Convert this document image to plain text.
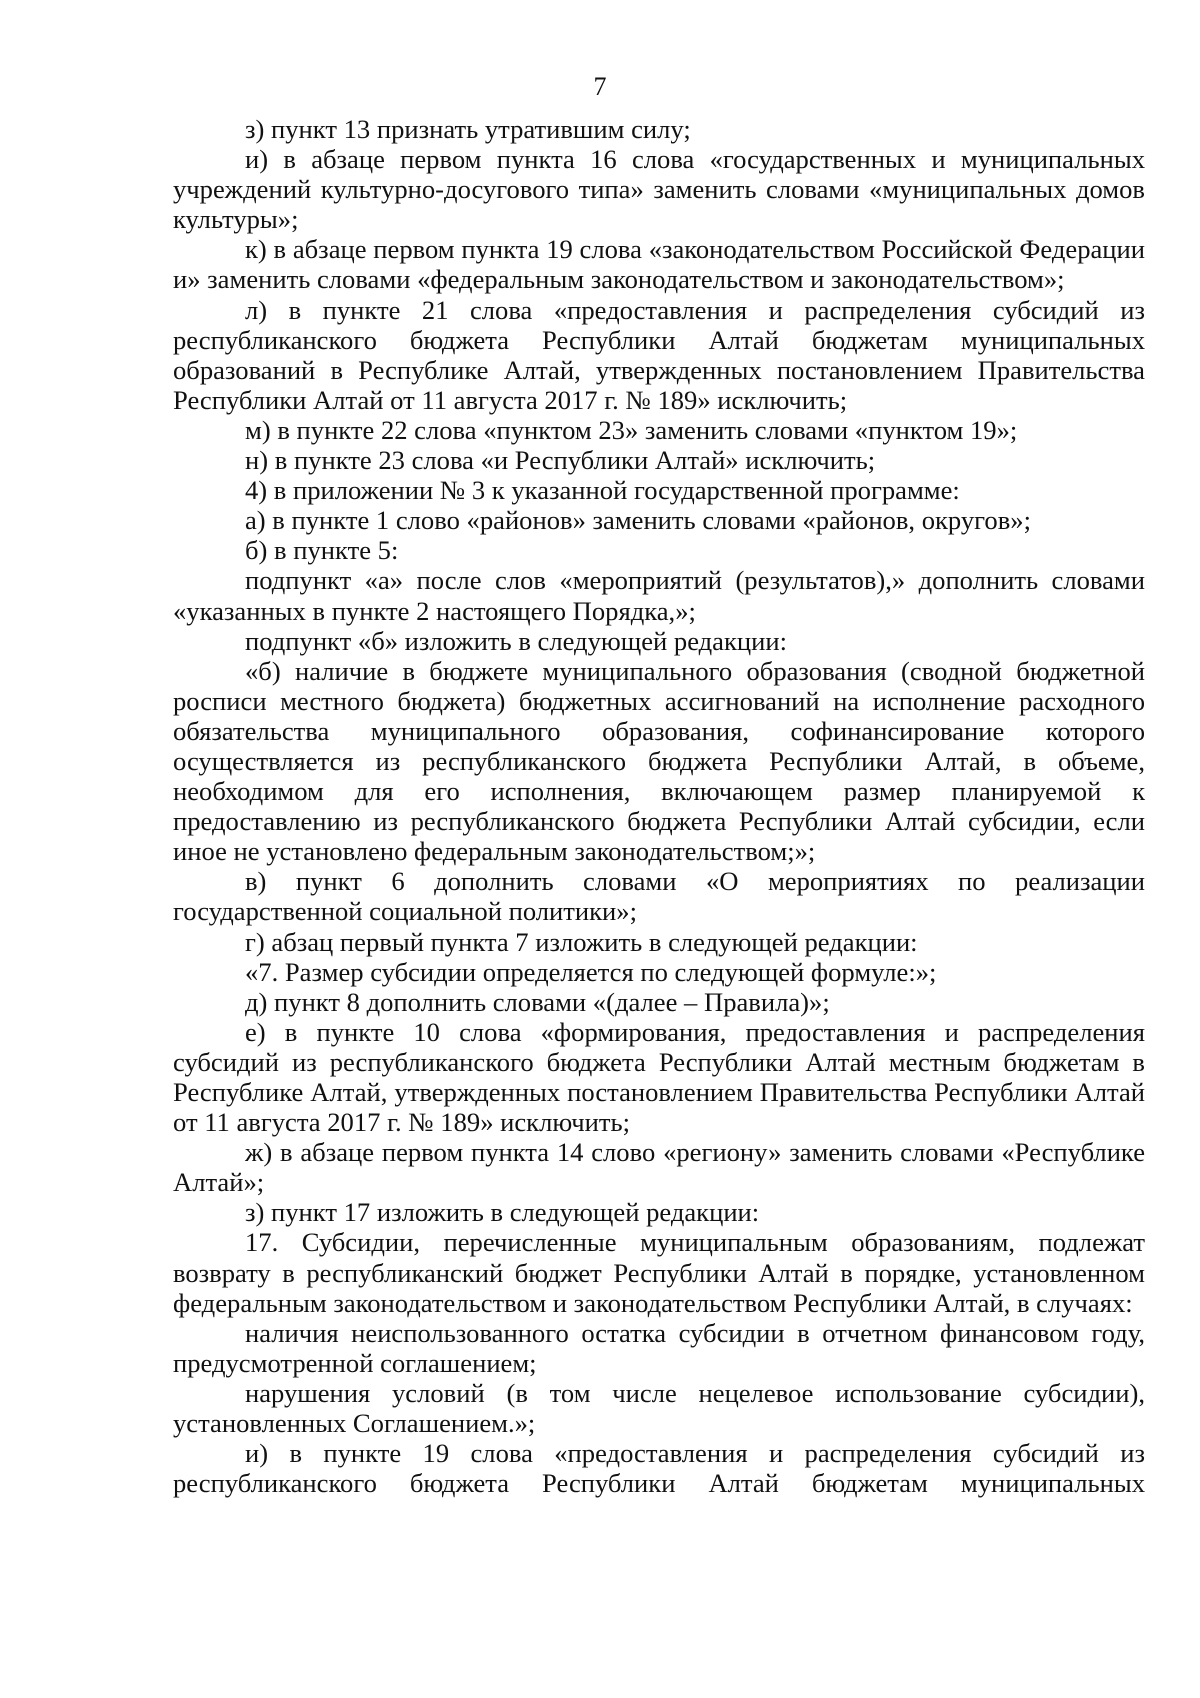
7

з) пункт 13 признать утратившим силу;

и) в абзаце первом пункта 16 слова «государственных и муниципальных учреждений культурно-досугового типа» заменить словами «муниципальных домов культуры»;

к) в абзаце первом пункта 19 слова «законодательством Российской Федерации и» заменить словами «федеральным законодательством и законодательством»;

л) в пункте 21 слова «предоставления и распределения субсидий из республиканского бюджета Республики Алтай бюджетам муниципальных образований в Республике Алтай, утвержденных постановлением Правительства Республики Алтай от 11 августа 2017 г. № 189» исключить;

м) в пункте 22 слова «пунктом 23» заменить словами «пунктом 19»;

н) в пункте 23 слова «и Республики Алтай» исключить;

4) в приложении № 3 к указанной государственной программе:

а) в пункте 1 слово «районов» заменить словами «районов, округов»;

б) в пункте 5:

подпункт «а» после слов «мероприятий (результатов),» дополнить словами «указанных в пункте 2 настоящего Порядка,»;

подпункт «б» изложить в следующей редакции:

«б) наличие в бюджете муниципального образования (сводной бюджетной росписи местного бюджета) бюджетных ассигнований на исполнение расходного обязательства муниципального образования, софинансирование которого осуществляется из республиканского бюджета Республики Алтай, в объеме, необходимом для его исполнения, включающем размер планируемой к предоставлению из республиканского бюджета Республики Алтай субсидии, если иное не установлено федеральным законодательством;»;

в) пункт 6 дополнить словами «О мероприятиях по реализации государственной социальной политики»;

г) абзац первый пункта 7 изложить в следующей редакции:

«7. Размер субсидии определяется по следующей формуле:»;

д) пункт 8 дополнить словами «(далее – Правила)»;

е) в пункте 10 слова «формирования, предоставления и распределения субсидий из республиканского бюджета Республики Алтай местным бюджетам в Республике Алтай, утвержденных постановлением Правительства Республики Алтай от 11 августа 2017 г. № 189» исключить;

ж) в абзаце первом пункта 14 слово «региону» заменить словами «Республике Алтай»;

з) пункт 17 изложить в следующей редакции:

17. Субсидии, перечисленные муниципальным образованиям, подлежат возврату в республиканский бюджет Республики Алтай в порядке, установленном федеральным законодательством и законодательством Республики Алтай, в случаях:

наличия неиспользованного остатка субсидии в отчетном финансовом году, предусмотренной соглашением;

нарушения условий (в том числе нецелевое использование субсидии), установленных Соглашением.»;

и) в пункте 19 слова «предоставления и распределения субсидий из республиканского бюджета Республики Алтай бюджетам муниципальных
